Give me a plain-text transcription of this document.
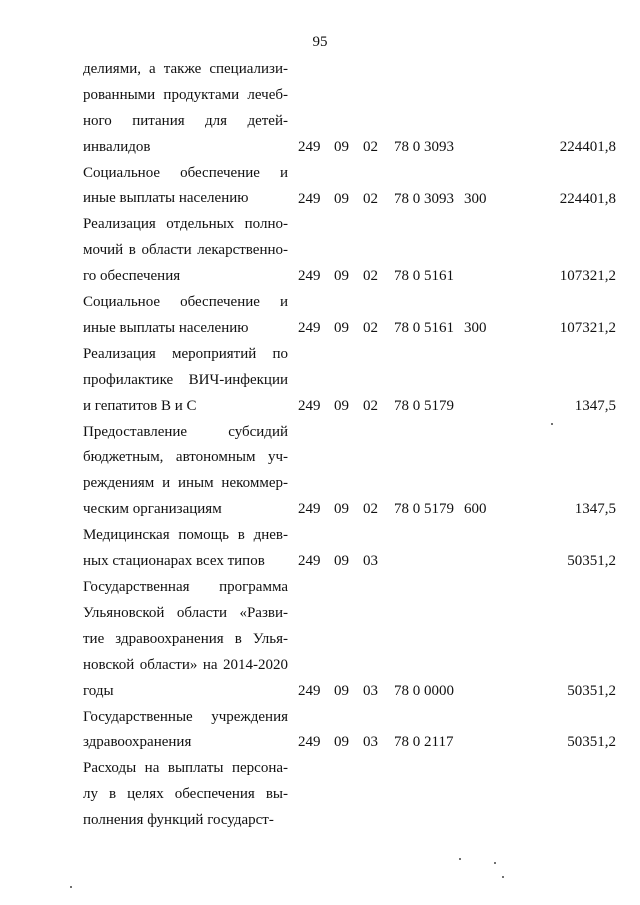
95
делиями, а также специализи-
рованными продуктами лечеб-
ного питания для детей-
инвалидов	249 09 02 78 0 3093	224401,8
Социальное обеспечение и
иные выплаты населению	249 09 02 78 0 3093 300	224401,8
Реализация отдельных полно-
мочий в области лекарственно-
го обеспечения	249 09 02 78 0 5161	107321,2
Социальное обеспечение и
иные выплаты населению	249 09 02 78 0 5161 300	107321,2
Реализация мероприятий по
профилактике ВИЧ-инфекции
и гепатитов В и С	249 09 02 78 0 5179	1347,5
Предоставление субсидий
бюджетным, автономным уч-
реждениям и иным некоммер-
ческим организациям	249 09 02 78 0 5179 600	1347,5
Медицинская помощь в днев-
ных стационарах всех типов	249 09 03	50351,2
Государственная программа
Ульяновской области «Разви-
тие здравоохранения в Улья-
новской области» на 2014-2020
годы	249 09 03 78 0 0000	50351,2
Государственные учреждения
здравоохранения	249 09 03 78 0 2117	50351,2
Расходы на выплаты персона-
лу в целях обеспечения вы-
полнения функций государст-
